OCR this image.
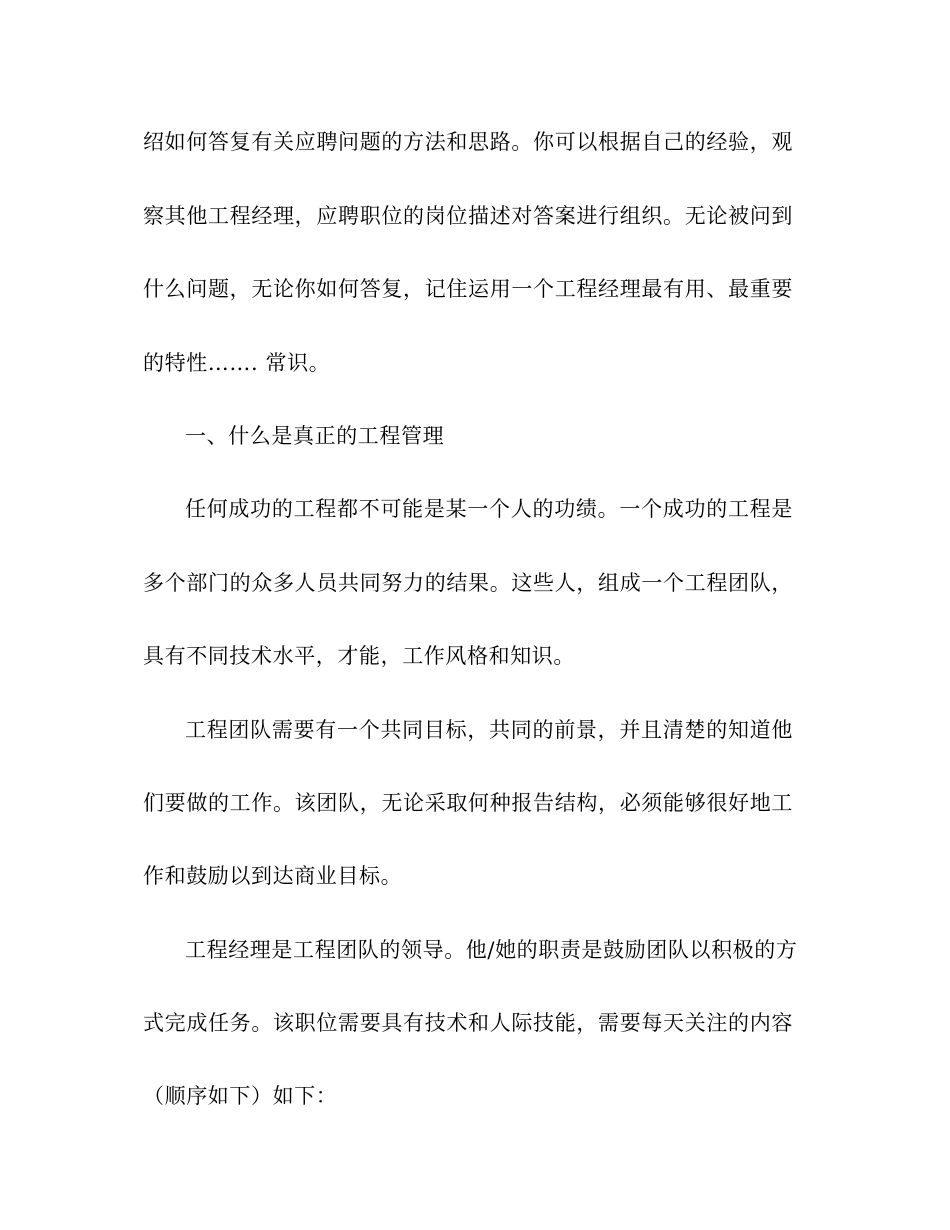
绍如何答复有关应聘问题的方法和思路。你可以根据自己的经验，观
察其他工程经理，应聘职位的岗位描述对答案进行组织。无论被问到
什么问题，无论你如何答复，记住运用一个工程经理最有用、最重要
的特性……. 常识。
一、什么是真正的工程管理
任何成功的工程都不可能是某一个人的功绩。一个成功的工程是
多个部门的众多人员共同努力的结果。这些人，组成一个工程团队，
具有不同技术水平，才能，工作风格和知识。
工程团队需要有一个共同目标，共同的前景，并且清楚的知道他
们要做的工作。该团队，无论采取何种报告结构，必须能够很好地工
作和鼓励以到达商业目标。
工程经理是工程团队的领导。他/她的职责是鼓励团队以积极的方
式完成任务。该职位需要具有技术和人际技能，需要每天关注的内容
（顺序如下）如下：
